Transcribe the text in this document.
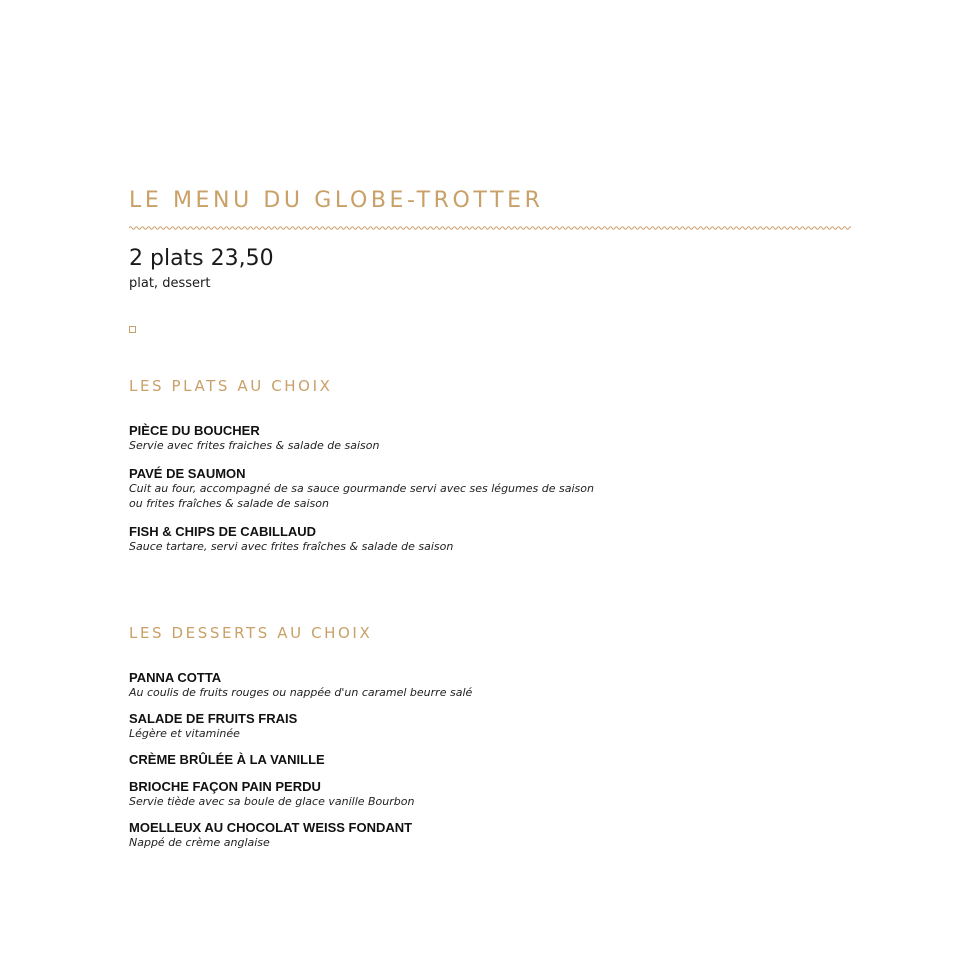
LE MENU DU GLOBE-TROTTER
2 plats 23,50
plat, dessert
LES PLATS AU CHOIX
PIÈCE DU BOUCHER
Servie avec frites fraiches & salade de saison
PAVÉ DE SAUMON
Cuit au four, accompagné de sa sauce gourmande servi avec ses légumes de saison
ou frites fraîches & salade de saison
FISH & CHIPS DE CABILLAUD
Sauce tartare, servi avec frites fraîches & salade de saison
LES DESSERTS AU CHOIX
PANNA COTTA
Au coulis de fruits rouges ou nappée d'un caramel beurre salé
SALADE DE FRUITS FRAIS
Légère et vitaminée
CRÈME BRÛLÉE À LA VANILLE
BRIOCHE FAÇON PAIN PERDU
Servie tiède avec sa boule de glace vanille Bourbon
MOELLEUX AU CHOCOLAT WEISS FONDANT
Nappé de crème anglaise
